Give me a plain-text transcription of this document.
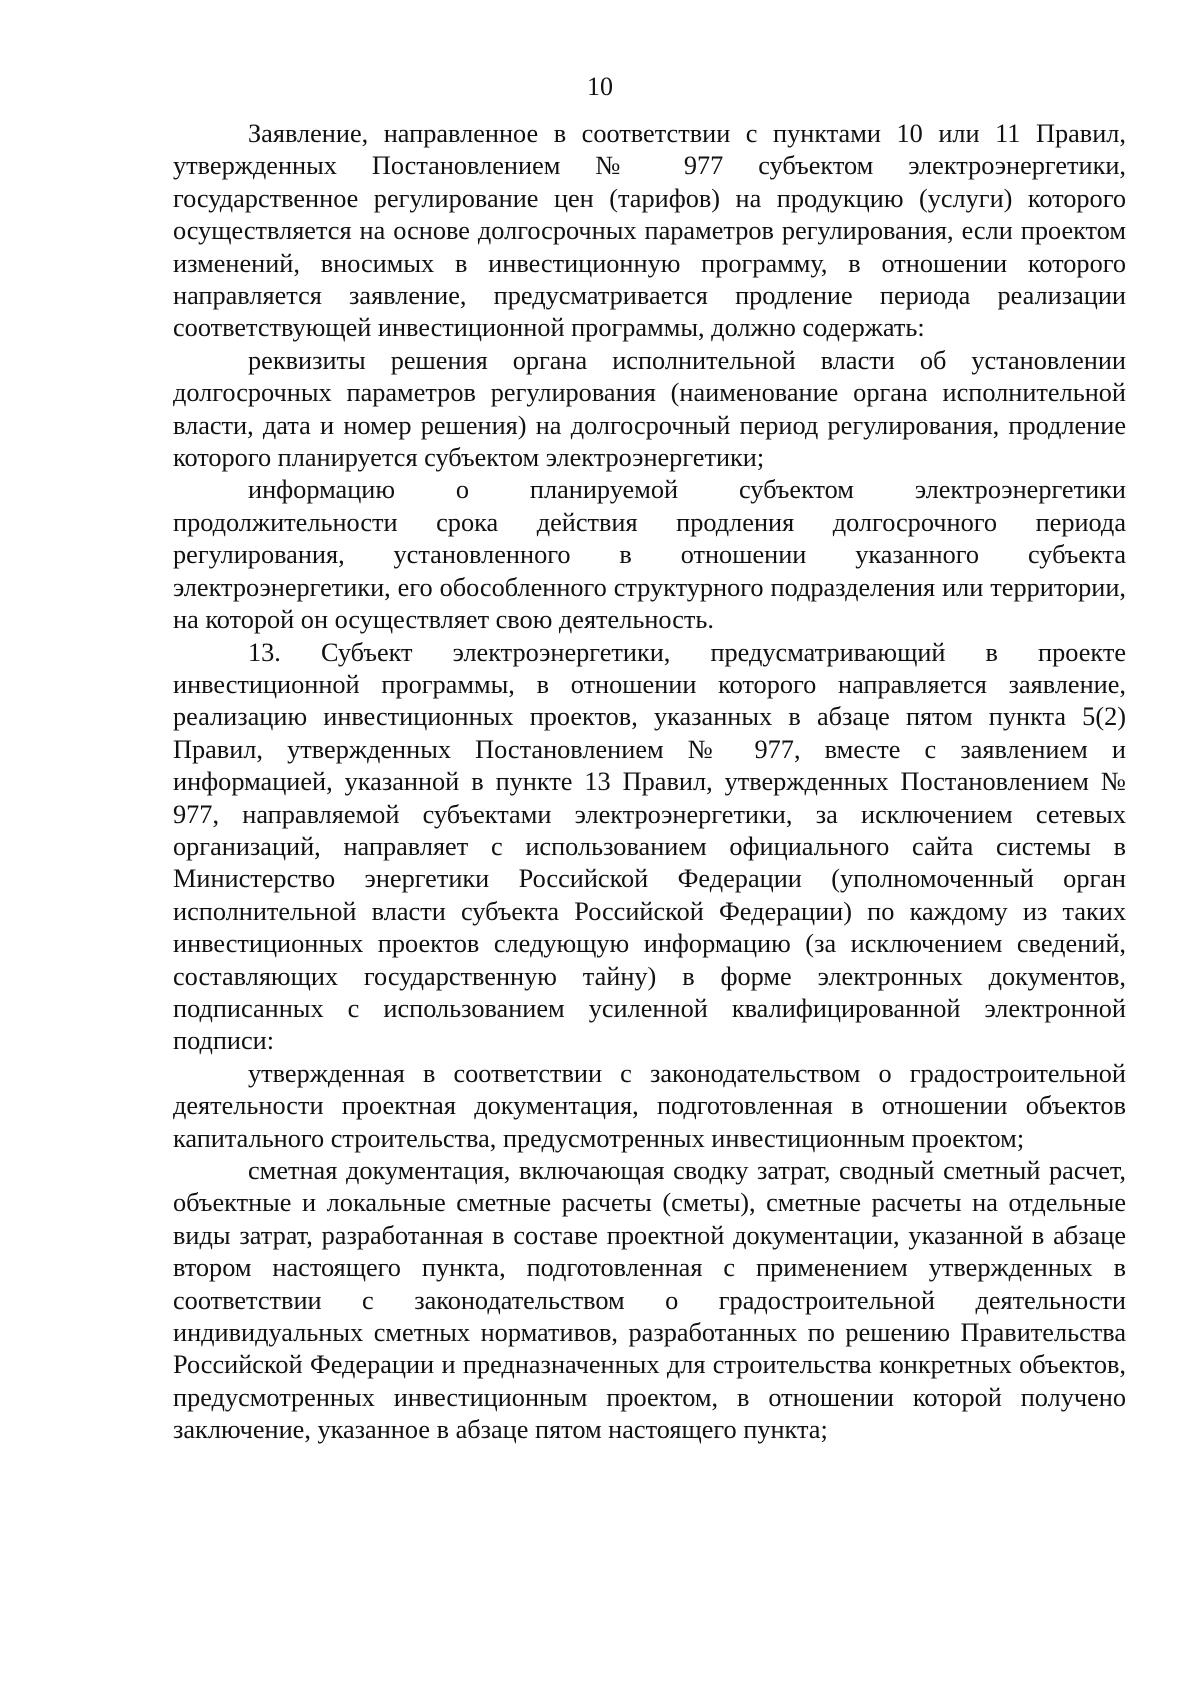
10

Заявление, направленное в соответствии с пунктами 10 или 11 Правил, утвержденных Постановлением № 977 субъектом электроэнергетики, государственное регулирование цен (тарифов) на продукцию (услуги) которого осуществляется на основе долгосрочных параметров регулирования, если проектом изменений, вносимых в инвестиционную программу, в отношении которого направляется заявление, предусматривается продление периода реализации соответствующей инвестиционной программы, должно содержать:

реквизиты решения органа исполнительной власти об установлении долгосрочных параметров регулирования (наименование органа исполнительной власти, дата и номер решения) на долгосрочный период регулирования, продление которого планируется субъектом электроэнергетики;

информацию о планируемой субъектом электроэнергетики продолжительности срока действия продления долгосрочного периода регулирования, установленного в отношении указанного субъекта электроэнергетики, его обособленного структурного подразделения или территории, на которой он осуществляет свою деятельность.

13. Субъект электроэнергетики, предусматривающий в проекте инвестиционной программы, в отношении которого направляется заявление, реализацию инвестиционных проектов, указанных в абзаце пятом пункта 5(2) Правил, утвержденных Постановлением № 977, вместе с заявлением и информацией, указанной в пункте 13 Правил, утвержденных Постановлением № 977, направляемой субъектами электроэнергетики, за исключением сетевых организаций, направляет с использованием официального сайта системы в Министерство энергетики Российской Федерации (уполномоченный орган исполнительной власти субъекта Российской Федерации) по каждому из таких инвестиционных проектов следующую информацию (за исключением сведений, составляющих государственную тайну) в форме электронных документов, подписанных с использованием усиленной квалифицированной электронной подписи:

утвержденная в соответствии с законодательством о градостроительной деятельности проектная документация, подготовленная в отношении объектов капитального строительства, предусмотренных инвестиционным проектом;

сметная документация, включающая сводку затрат, сводный сметный расчет, объектные и локальные сметные расчеты (сметы), сметные расчеты на отдельные виды затрат, разработанная в составе проектной документации, указанной в абзаце втором настоящего пункта, подготовленная с применением утвержденных в соответствии с законодательством о градостроительной деятельности индивидуальных сметных нормативов, разработанных по решению Правительства Российской Федерации и предназначенных для строительства конкретных объектов, предусмотренных инвестиционным проектом, в отношении которой получено заключение, указанное в абзаце пятом настоящего пункта;
